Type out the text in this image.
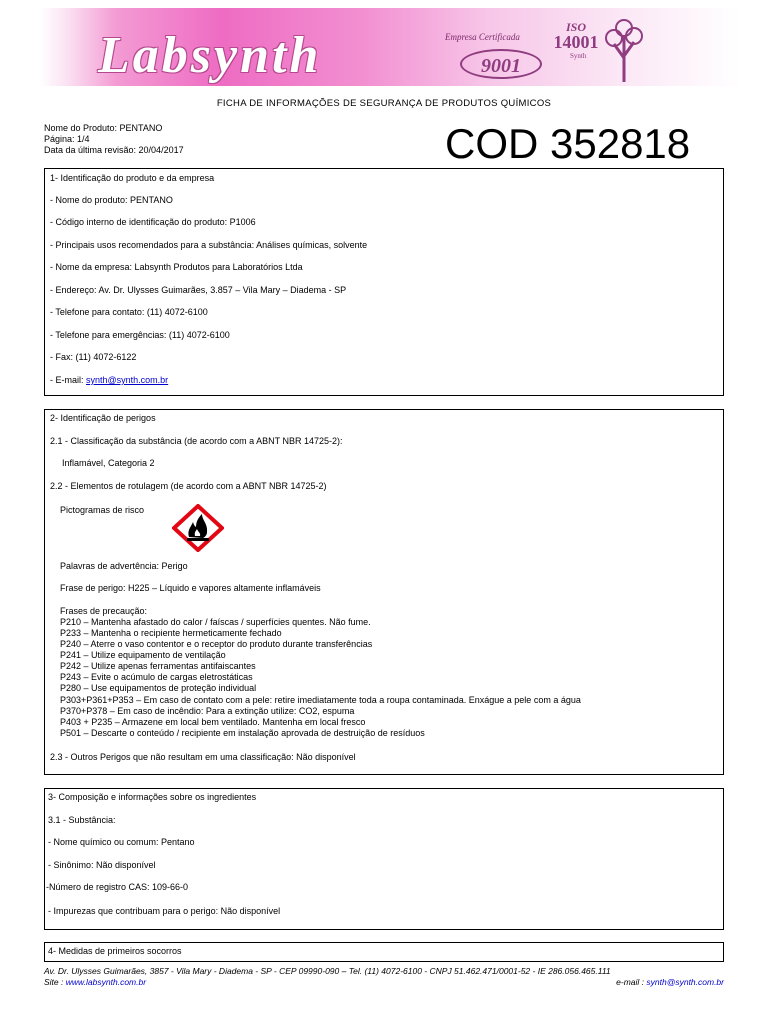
Labsynth	Empresa Certificada
9001
ISO
14001
Synth
FICHA DE INFORMAÇÕES DE SEGURANÇA DE PRODUTOS QUÍMICOS
Nome do Produto: PENTANO
Página: 1/4
Data da última revisão: 20/04/2017	COD 352818
1- Identificação do produto e da empresa
- Nome do produto: PENTANO
- Código interno de identificação do produto: P1006
- Principais usos recomendados para a substância: Análises químicas, solvente
- Nome da empresa: Labsynth Produtos para Laboratórios Ltda
- Endereço: Av. Dr. Ulysses Guimarães, 3.857 – Vila Mary – Diadema - SP
- Telefone para contato: (11) 4072-6100
- Telefone para emergências: (11) 4072-6100
- Fax: (11) 4072-6122
- E-mail: synth@synth.com.br
2- Identificação de perigos
2.1 - Classificação da substância (de acordo com a ABNT NBR 14725-2):
Inflamável, Categoria 2
2.2 - Elementos de rotulagem (de acordo com a ABNT NBR 14725-2)
Pictogramas de risco
Palavras de advertência: Perigo
Frase de perigo: H225 – Líquido e vapores altamente inflamáveis
Frases de precaução:
P210 – Mantenha afastado do calor / faíscas / superfícies quentes. Não fume.
P233 – Mantenha o recipiente hermeticamente fechado
P240 – Aterre o vaso contentor e o receptor do produto durante transferências
P241 – Utilize equipamento de ventilação
P242 – Utilize apenas ferramentas antifaiscantes
P243 – Evite o acúmulo de cargas eletrostáticas
P280 – Use equipamentos de proteção individual
P303+P361+P353 – Em caso de contato com a pele: retire imediatamente toda a roupa contaminada. Enxágue a pele com a água
P370+P378 – Em caso de incêndio: Para a extinção utilize: CO2, espuma
P403 + P235 – Armazene em local bem ventilado. Mantenha em local fresco
P501 – Descarte o conteúdo / recipiente em instalação aprovada de destruição de resíduos
2.3 - Outros Perigos que não resultam em uma classificação: Não disponível
3- Composição e informações sobre os ingredientes
3.1 - Substância:
- Nome químico ou comum: Pentano
- Sinônimo: Não disponível
-Número de registro CAS: 109-66-0
- Impurezas que contribuam para o perigo: Não disponível
4- Medidas de primeiros socorros
Av. Dr. Ulysses Guimarães, 3857 - Vila Mary - Diadema - SP - CEP 09990-090 – Tel. (11) 4072-6100 - CNPJ 51.462.471/0001-52 - IE 286.056.465.111
Site : www.labsynth.com.br	e-mail : synth@synth.com.br
